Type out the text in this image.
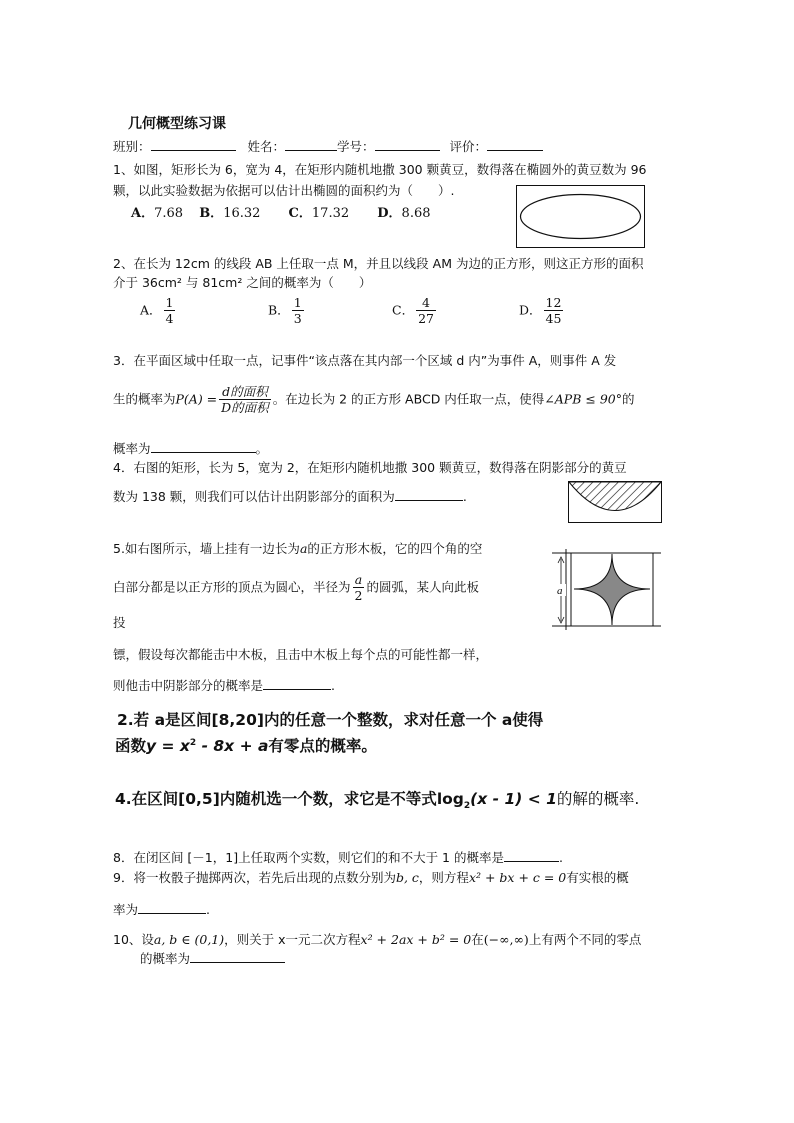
几何概型练习课
班别：	姓名：	学号：	评价：
1、如图，矩形长为 6，宽为 4，在矩形内随机地撒 300 颗黄豆，数得落在椭圆外的黄豆数为 96
颗，以此实验数据为依据可以估计出椭圆的面积约为（　　）.
A．7.68 B．16.32 C．17.32 D．8.68
2、在长为 12cm 的线段 AB 上任取一点 M，并且以线段 AM 为边的正方形，则这正方形的面积
介于 36cm² 与 81cm² 之间的概率为（　　）
A． $\frac{1}{4}$	B． $\frac{1}{3}$	C． $\frac{4}{27}$	D． $\frac{12}{45}$
3．在平面区域中任取一点，记事件“该点落在其内部一个区域 d 内”为事件 A，则事件 A 发
生的概率为$P(A) = \frac{\text{d的面积}}{\text{D的面积}}$ 。在边长为 2 的正方形 ABCD 内任取一点，使得∠APB ≤ 90°的
概率为	。
4．右图的矩形，长为 5，宽为 2，在矩形内随机地撒 300 颗黄豆，数得落在阴影部分的黄豆
数为 138 颗，则我们可以估计出阴影部分的面积为	.
5.如右图所示，墙上挂有一边长为a的正方形木板，它的四个角的空
白部分都是以正方形的顶点为圆心，半径为 $\frac{a}{2}$ 的圆弧，某人向此板
投
镖，假设每次都能击中木板，且击中木板上每个点的可能性都一样，
则他击中阴影部分的概率是	.
a
2.若 a是区间[8,20]内的任意一个整数，求对任意一个 a使得
函数$y = x^2 - 8x + a$有零点的概率。
4.在区间[0,5]内随机选一个数，求它是不等式$\log_2(x - 1) < 1$的解的概率.
8．在闭区间 [－1，1]上任取两个实数，则它们的和不大于 1 的概率是	.
9．将一枚骰子抛掷两次，若先后出现的点数分别为b, c，则方程x² + bx + c = 0有实根的概
率为	.
10、设a, b ∈ (0,1)，则关于 x一元二次方程x² + 2ax + b² = 0在(−∞,∞)上有两个不同的零点
的概率为
